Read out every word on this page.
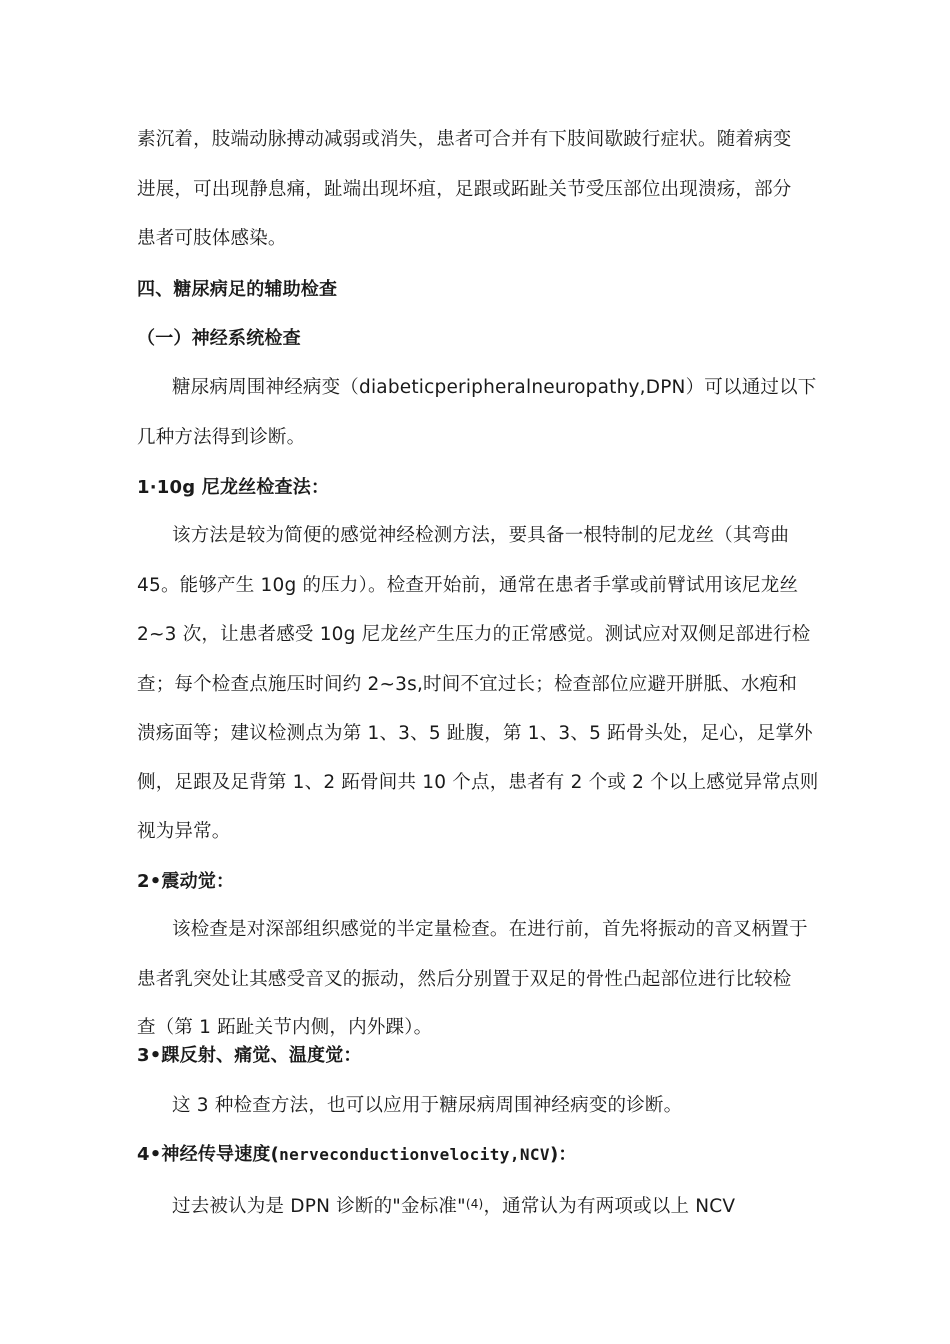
素沉着，肢端动脉搏动减弱或消失，患者可合并有下肢间歇跛行症状。随着病变
进展，可出现静息痛，趾端出现坏疽，足跟或跖趾关节受压部位出现溃疡，部分
患者可肢体感染。
四、糖尿病足的辅助检查
（一）神经系统检查
糖尿病周围神经病变（diabeticperipheralneuropathy,DPN）可以通过以下
几种方法得到诊断。
1·10g 尼龙丝检查法：
该方法是较为简便的感觉神经检测方法，要具备一根特制的尼龙丝（其弯曲
45。能够产生 10g 的压力）。检查开始前，通常在患者手掌或前臂试用该尼龙丝
2~3 次，让患者感受 10g 尼龙丝产生压力的正常感觉。测试应对双侧足部进行检
查；每个检查点施压时间约 2~3s,时间不宜过长；检查部位应避开胼胝、水疱和
溃疡面等；建议检测点为第 1、3、5 趾腹，第 1、3、5 跖骨头处，足心，足掌外
侧，足跟及足背第 1、2 跖骨间共 10 个点，患者有 2 个或 2 个以上感觉异常点则
视为异常。
2•震动觉：
该检查是对深部组织感觉的半定量检查。在进行前，首先将振动的音叉柄置于
患者乳突处让其感受音叉的振动，然后分别置于双足的骨性凸起部位进行比较检
查（第 1 跖趾关节内侧，内外踝）。
3•踝反射、痛觉、温度觉：
这 3 种检查方法，也可以应用于糖尿病周围神经病变的诊断。
4•神经传导速度(nerveconductionvelocity,NCV)：
过去被认为是 DPN 诊断的"金标准"$^{(4)}$，通常认为有两项或以上 NCV
